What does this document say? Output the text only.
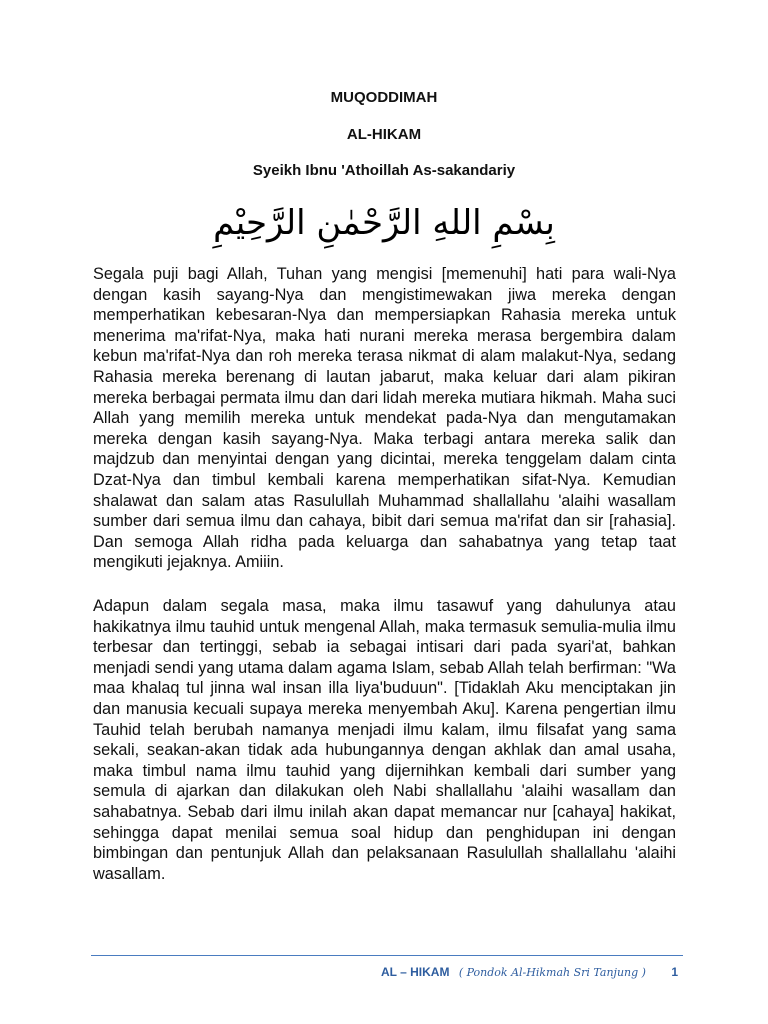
MUQODDIMAH
AL-HIKAM
Syeikh Ibnu 'Athoillah As-sakandariy
بِسْمِ اللهِ الرَّحْمٰنِ الرَّحِيْمِ

Segala puji bagi Allah, Tuhan yang mengisi [memenuhi] hati para wali-Nya dengan kasih sayang-Nya dan mengistimewakan jiwa mereka dengan memperhatikan kebesaran-Nya dan mempersiapkan Rahasia mereka untuk menerima ma'rifat-Nya, maka hati nurani mereka merasa bergembira dalam kebun ma'rifat-Nya dan roh mereka terasa nikmat di alam malakut-Nya, sedang Rahasia mereka berenang di lautan jabarut, maka keluar dari alam pikiran mereka berbagai permata ilmu dan dari lidah mereka mutiara hikmah. Maha suci Allah yang memilih mereka untuk mendekat pada-Nya dan mengutamakan mereka dengan kasih sayang-Nya. Maka terbagi antara mereka salik dan majdzub dan menyintai dengan yang dicintai, mereka tenggelam dalam cinta Dzat-Nya dan timbul kembali karena memperhatikan sifat-Nya. Kemudian shalawat dan salam atas Rasulullah Muhammad shallallahu 'alaihi wasallam sumber dari semua ilmu dan cahaya, bibit dari semua ma'rifat dan sir [rahasia]. Dan semoga Allah ridha pada keluarga dan sahabatnya yang tetap taat mengikuti jejaknya. Amiiin.

Adapun dalam segala masa, maka ilmu tasawuf yang dahulunya atau hakikatnya ilmu tauhid untuk mengenal Allah, maka termasuk semulia-mulia ilmu terbesar dan tertinggi, sebab ia sebagai intisari dari pada syari'at, bahkan menjadi sendi yang utama dalam agama Islam, sebab Allah telah berfirman: "Wa maa khalaq tul jinna wal insan illa liya'buduun". [Tidaklah Aku menciptakan jin dan manusia kecuali supaya mereka menyembah Aku]. Karena pengertian ilmu Tauhid telah berubah namanya menjadi ilmu kalam, ilmu filsafat yang sama sekali, seakan-akan tidak ada hubungannya dengan akhlak dan amal usaha, maka timbul nama ilmu tauhid yang dijernihkan kembali dari sumber yang semula di ajarkan dan dilakukan oleh Nabi shallallahu 'alaihi wasallam dan sahabatnya. Sebab dari ilmu inilah akan dapat memancar nur [cahaya] hakikat, sehingga dapat menilai semua soal hidup dan penghidupan ini dengan bimbingan dan pentunjuk Allah dan pelaksanaan Rasulullah shallallahu 'alaihi wasallam.

AL – HIKAM ( Pondok Al-Hikmah Sri Tanjung ) 1
